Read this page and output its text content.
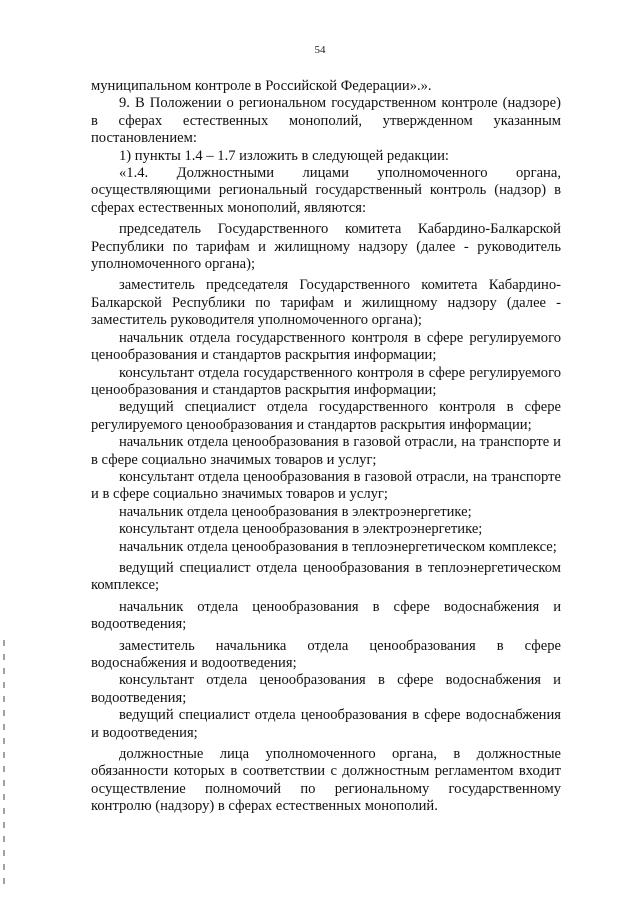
54

муниципальном контроле в Российской Федерации».».

9. В Положении о региональном государственном контроле (надзоре) в сферах естественных монополий, утвержденном указанным постановлением:

1) пункты 1.4 – 1.7 изложить в следующей редакции:

«1.4. Должностными лицами уполномоченного органа, осуществляющими региональный государственный контроль (надзор) в сферах естественных монополий, являются:

председатель Государственного комитета Кабардино-Балкарской Республики по тарифам и жилищному надзору (далее - руководитель уполномоченного органа);

заместитель председателя Государственного комитета Кабардино-Балкарской Республики по тарифам и жилищному надзору (далее - заместитель руководителя уполномоченного органа);

начальник отдела государственного контроля в сфере регулируемого ценообразования и стандартов раскрытия информации;

консультант отдела государственного контроля в сфере регулируемого ценообразования и стандартов раскрытия информации;

ведущий специалист отдела государственного контроля в сфере регулируемого ценообразования и стандартов раскрытия информации;

начальник отдела ценообразования в газовой отрасли, на транспорте и в сфере социально значимых товаров и услуг;

консультант отдела ценообразования в газовой отрасли, на транспорте и в сфере социально значимых товаров и услуг;

начальник отдела ценообразования в электроэнергетике;

консультант отдела ценообразования в электроэнергетике;

начальник отдела ценообразования в теплоэнергетическом комплексе;

ведущий специалист отдела ценообразования в теплоэнергетическом комплексе;

начальник отдела ценообразования в сфере водоснабжения и водоотведения;

заместитель начальника отдела ценообразования в сфере водоснабжения и водоотведения;

консультант отдела ценообразования в сфере водоснабжения и водоотведения;

ведущий специалист отдела ценообразования в сфере водоснабжения и водоотведения;

должностные лица уполномоченного органа, в должностные обязанности которых в соответствии с должностным регламентом входит осуществление полномочий по региональному государственному контролю (надзору) в сферах естественных монополий.
